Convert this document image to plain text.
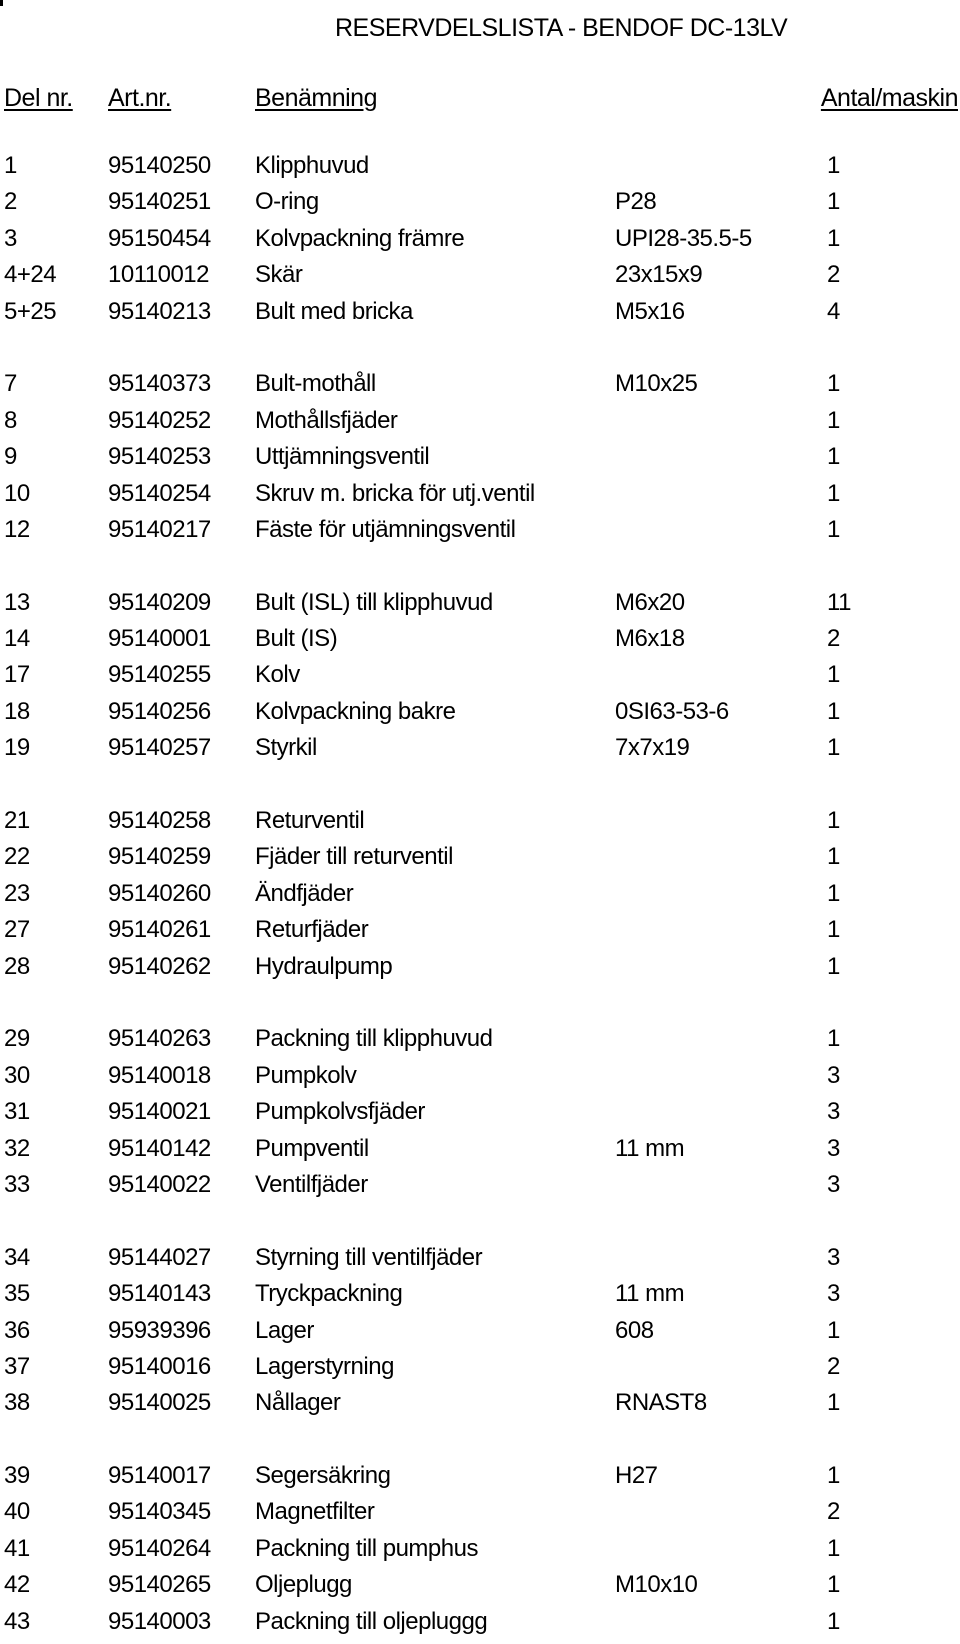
RESERVDELSLISTA - BENDOF DC-13LV
Del nr. Art.nr.	Benämning	Antal/maskin
1	95140250 Klipphuvud	1
2	95140251 O-ring	P28	1
3	95150454 Kolvpackning främre	UPI28-35.5-5	1
4+24 10110012 Skär	23x15x9	2
5+25 95140213 Bult med bricka	M5x16	4
7	95140373 Bult-mothåll	M10x25	1
8	95140252 Mothållsfjäder	1
9	95140253 Uttjämningsventil	1
10	95140254 Skruv m. bricka för utj.ventil	1
12	95140217 Fäste för utjämningsventil	1
13	95140209 Bult (ISL) till klipphuvud	M6x20	11
14	95140001 Bult (IS)	M6x18	2
17	95140255 Kolv	1
18	95140256 Kolvpackning bakre	0SI63-53-6	1
19	95140257 Styrkil	7x7x19	1
21	95140258 Returventil	1
22	95140259 Fjäder till returventil	1
23	95140260 Ändfjäder	1
27	95140261 Returfjäder	1
28	95140262 Hydraulpump	1
29	95140263 Packning till klipphuvud	1
30	95140018 Pumpkolv	3
31	95140021 Pumpkolvsfjäder	3
32	95140142 Pumpventil	11 mm	3
33	95140022 Ventilfjäder	3
34	95144027 Styrning till ventilfjäder	3
35	95140143 Tryckpackning	11 mm	3
36	95939396 Lager	608	1
37	95140016 Lagerstyrning	2
38	95140025 Nållager	RNAST8	1
39	95140017 Segersäkring	H27	1
40	95140345 Magnetfilter	2
41	95140264 Packning till pumphus	1
42	95140265 Oljeplugg	M10x10	1
43	95140003 Packning till oljepluggg	1
